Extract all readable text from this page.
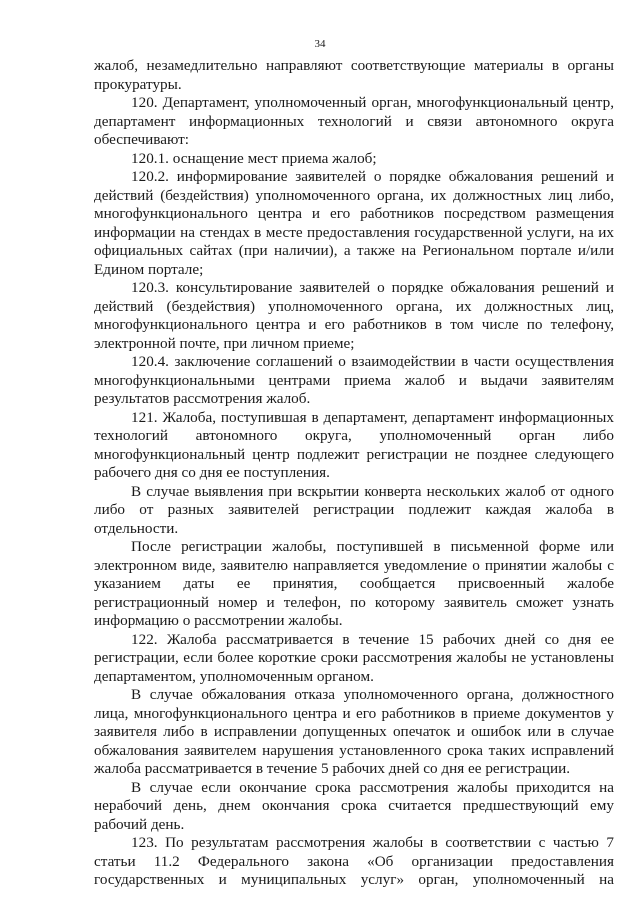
34
жалоб, незамедлительно направляют соответствующие материалы в органы
прокуратуры.
120. Департамент, уполномоченный орган, многофункциональный центр,
департамент информационных технологий и связи автономного округа
обеспечивают:
120.1. оснащение мест приема жалоб;
120.2. информирование заявителей о порядке обжалования решений и
действий (бездействия) уполномоченного органа, их должностных лиц либо,
многофункционального центра и его работников посредством размещения
информации на стендах в месте предоставления государственной услуги, на их
официальных сайтах (при наличии), а также на Региональном портале и/или
Едином портале;
120.3. консультирование заявителей о порядке обжалования решений и
действий (бездействия) уполномоченного органа, их должностных лиц,
многофункционального центра и его работников в том числе по телефону,
электронной почте, при личном приеме;
120.4. заключение соглашений о взаимодействии в части осуществления
многофункциональными центрами приема жалоб и выдачи заявителям
результатов рассмотрения жалоб.
121. Жалоба, поступившая в департамент, департамент информационных
технологий автономного округа, уполномоченный орган либо
многофункциональный центр подлежит регистрации не позднее следующего
рабочего дня со дня ее поступления.
В случае выявления при вскрытии конверта нескольких жалоб от одного
либо от разных заявителей регистрации подлежит каждая жалоба в
отдельности.
После регистрации жалобы, поступившей в письменной форме или
электронном виде, заявителю направляется уведомление о принятии жалобы с
указанием даты ее принятия, сообщается присвоенный жалобе
регистрационный номер и телефон, по которому заявитель сможет узнать
информацию о рассмотрении жалобы.
122. Жалоба рассматривается в течение 15 рабочих дней со дня ее
регистрации, если более короткие сроки рассмотрения жалобы не установлены
департаментом, уполномоченным органом.
В случае обжалования отказа уполномоченного органа, должностного
лица, многофункционального центра и его работников в приеме документов у
заявителя либо в исправлении допущенных опечаток и ошибок или в случае
обжалования заявителем нарушения установленного срока таких исправлений
жалоба рассматривается в течение 5 рабочих дней со дня ее регистрации.
В случае если окончание срока рассмотрения жалобы приходится на
нерабочий день, днем окончания срока считается предшествующий ему
рабочий день.
123. По результатам рассмотрения жалобы в соответствии с частью 7
статьи 11.2 Федерального закона «Об организации предоставления
государственных и муниципальных услуг» орган, уполномоченный на
